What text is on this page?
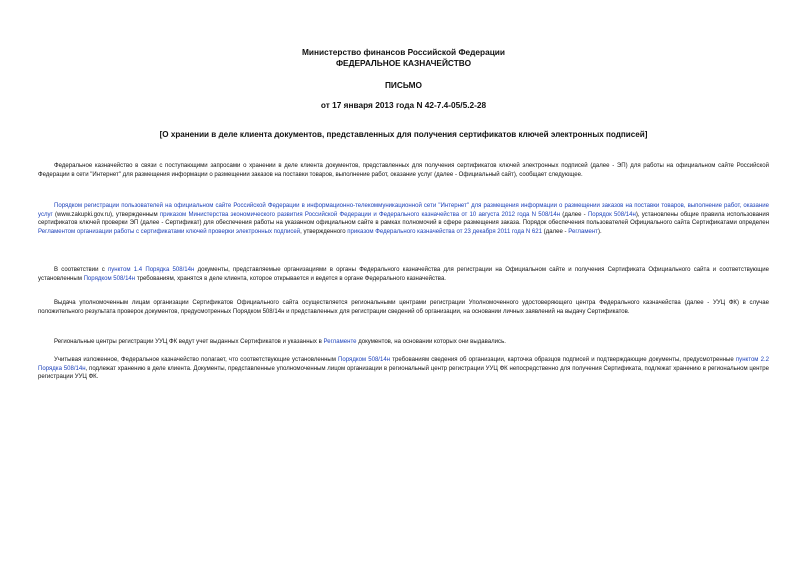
Министерство финансов Российской Федерации
ФЕДЕРАЛЬНОЕ КАЗНАЧЕЙСТВО
ПИСЬМО
от 17 января 2013 года N 42-7.4-05/5.2-28
[О хранении в деле клиента документов, представленных для получения сертификатов ключей электронных подписей]

Федеральное казначейство в связи с поступающими запросами о хранении в деле клиента документов, представленных для получения сертификатов ключей электронных подписей (далее - ЭП) для работы на официальном сайте Российской Федерации в сети "Интернет" для размещения информации о размещении заказов на поставки товаров, выполнение работ, оказание услуг (далее - Официальный сайт), сообщает следующее.

Порядком регистрации пользователей на официальном сайте Российской Федерации в информационно-телекоммуникационной сети "Интернет" для размещения информации о размещении заказов на поставки товаров, выполнение работ, оказание услуг (www.zakupki.gov.ru), утвержденным приказом Министерства экономического развития Российской Федерации и Федерального казначейства от 10 августа 2012 года N 508/14н (далее - Порядок 508/14н), установлены общие правила использования сертификатов ключей проверки ЭП (далее - Сертификат) для обеспечения работы на указанном официальном сайте в рамках полномочий в сфере размещения заказа. Порядок обеспечения пользователей Официального сайта Сертификатами определен Регламентом организации работы с сертификатами ключей проверки электронных подписей, утвержденного приказом Федерального казначейства от 23 декабря 2011 года N 621 (далее - Регламент).

В соответствии с пунктом 1.4 Порядка 508/14н документы, представляемые организациями в органы Федерального казначейства для регистрации на Официальном сайте и получения Сертификата Официального сайта и соответствующие установленным Порядком 508/14н требованиям, хранятся в деле клиента, которое открывается и ведется в органе Федерального казначейства.

Выдача уполномоченным лицам организации Сертификатов Официального сайта осуществляется региональными центрами регистрации Уполномоченного удостоверяющего центра Федерального казначейства (далее - УУЦ ФК) в случае положительного результата проверок документов, предусмотренных Порядком 508/14н и представленных для регистрации сведений об организации, на основании личных заявлений на выдачу Сертификатов.

Региональные центры регистрации УУЦ ФК ведут учет выданных Сертификатов и указанных в Регламенте документов, на основании которых они выдавались.

Учитывая изложенное, Федеральное казначейство полагает, что соответствующие установленным Порядком 508/14н требованиям сведения об организации, карточка образцов подписей и подтверждающие документы, предусмотренные пунктом 2.2 Порядка 508/14н, подлежат хранению в деле клиента. Документы, представленные уполномоченным лицом организации в региональный центр регистрации УУЦ ФК непосредственно для получения Сертификата, подлежат хранению в региональном центре регистрации УУЦ ФК.
